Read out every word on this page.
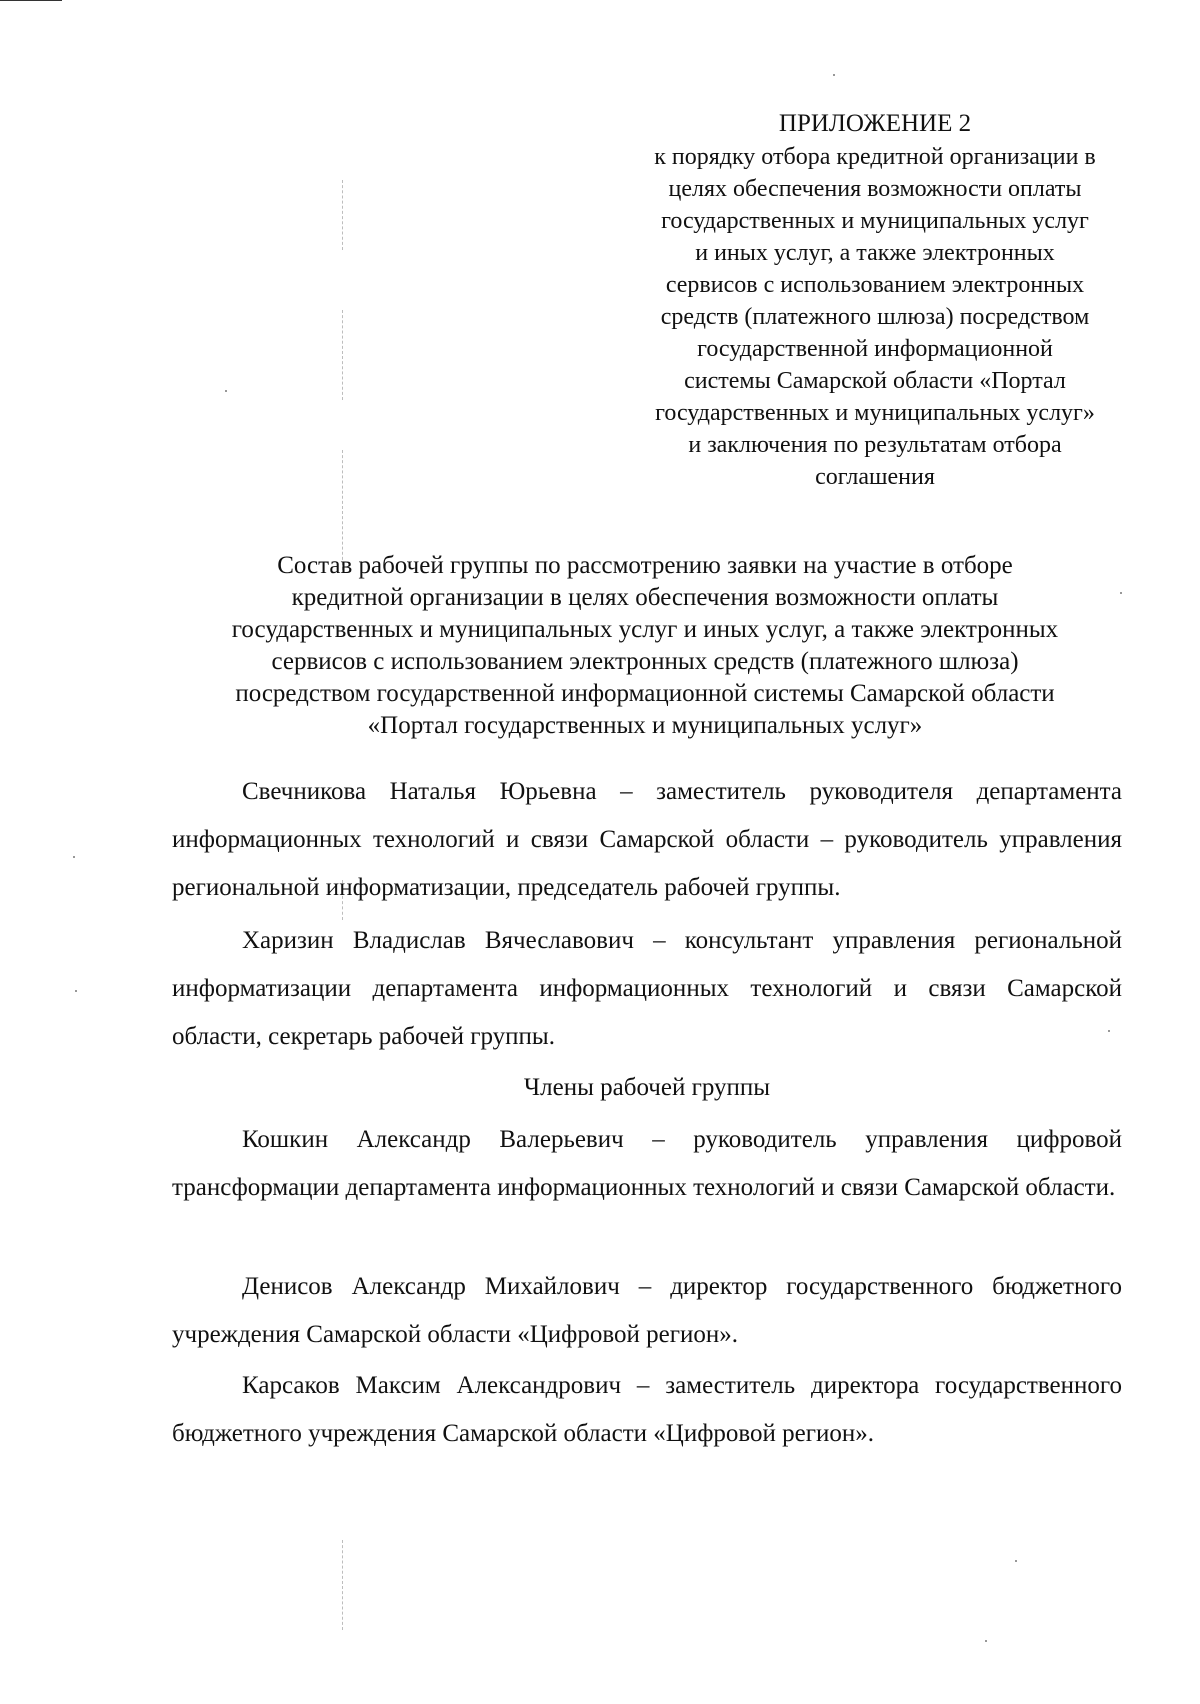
ПРИЛОЖЕНИЕ 2
к порядку отбора кредитной организации в
целях обеспечения возможности оплаты
государственных и муниципальных услуг
и иных услуг, а также электронных
сервисов с использованием электронных
средств (платежного шлюза) посредством
государственной информационной
системы Самарской области «Портал
государственных и муниципальных услуг»
и заключения по результатам отбора
соглашения
Состав рабочей группы по рассмотрению заявки на участие в отборе
кредитной организации в целях обеспечения возможности оплаты
государственных и муниципальных услуг и иных услуг, а также электронных
сервисов с использованием электронных средств (платежного шлюза)
посредством государственной информационной системы Самарской области
«Портал государственных и муниципальных услуг»

Свечникова Наталья Юрьевна – заместитель руководителя департамента информационных технологий и связи Самарской области – руководитель управления региональной информатизации, председатель рабочей группы.

Харизин Владислав Вячеславович – консультант управления региональной информатизации департамента информационных технологий и связи Самарской области, секретарь рабочей группы.

Члены рабочей группы

Кошкин Александр Валерьевич – руководитель управления цифровой трансформации департамента информационных технологий и связи Самарской области.

Денисов Александр Михайлович – директор государственного бюджетного учреждения Самарской области «Цифровой регион».

Карсаков Максим Александрович – заместитель директора государственного бюджетного учреждения Самарской области «Цифровой регион».
